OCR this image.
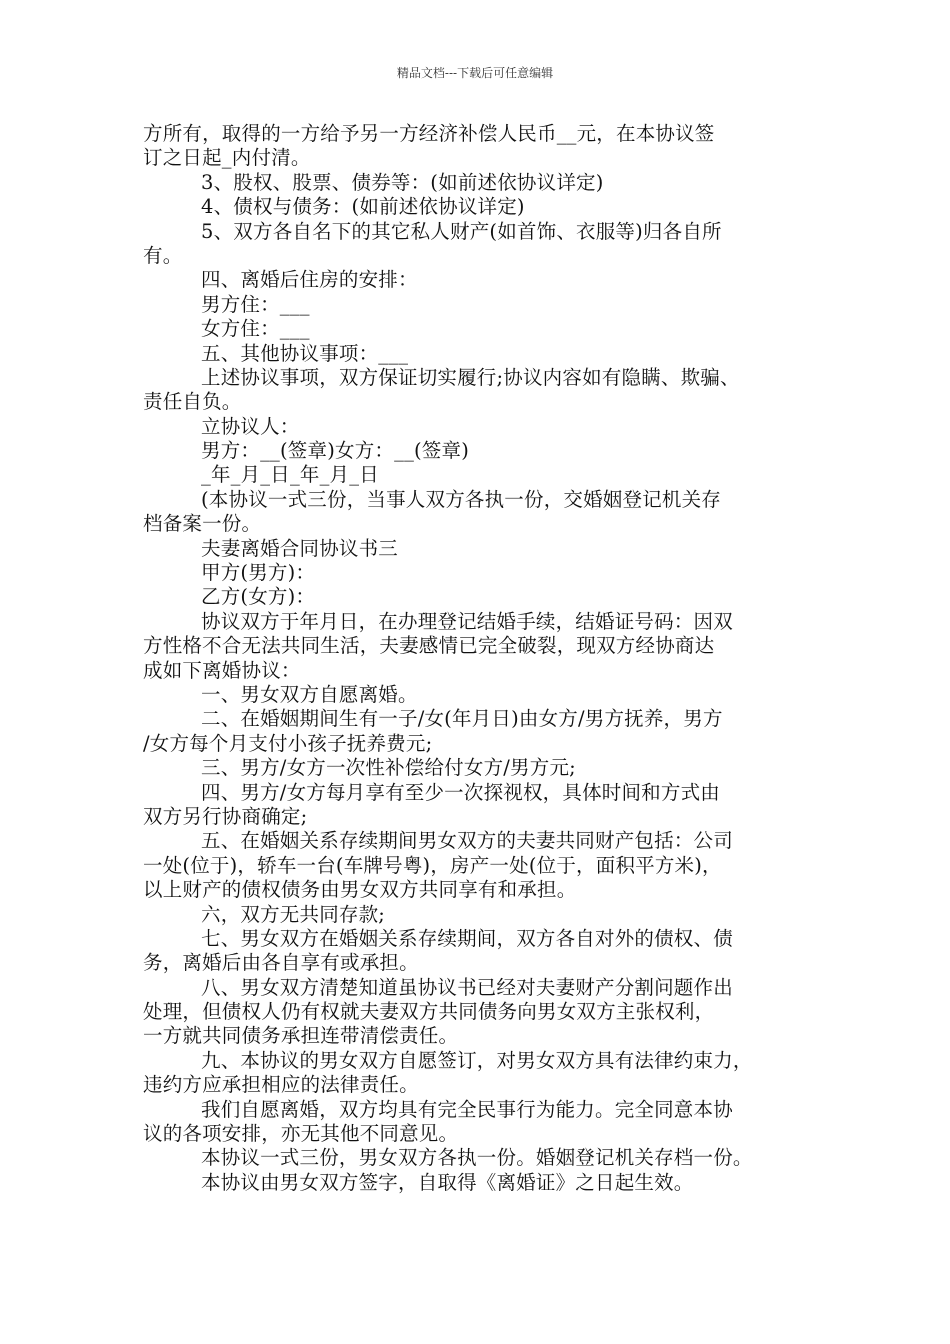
精品文档---下载后可任意编辑
方所有，取得的一方给予另一方经济补偿人民币__元，在本协议签
订之日起_内付清。
3、股权、股票、债券等：(如前述依协议详定)
4、债权与债务：(如前述依协议详定)
5、双方各自名下的其它私人财产(如首饰、衣服等)归各自所
有。
四、离婚后住房的安排：
男方住：___
女方住：___
五、其他协议事项：___
上述协议事项，双方保证切实履行;协议内容如有隐瞒、欺骗、
责任自负。
立协议人：
男方：__(签章)女方：__(签章)
_年_月_日_年_月_日
(本协议一式三份，当事人双方各执一份，交婚姻登记机关存
档备案一份。
夫妻离婚合同协议书三
甲方(男方)：
乙方(女方)：
协议双方于年月日，在办理登记结婚手续，结婚证号码：因双
方性格不合无法共同生活，夫妻感情已完全破裂，现双方经协商达
成如下离婚协议：
一、男女双方自愿离婚。
二、在婚姻期间生有一子/女(年月日)由女方/男方抚养，男方
/女方每个月支付小孩子抚养费元;
三、男方/女方一次性补偿给付女方/男方元;
四、男方/女方每月享有至少一次探视权，具体时间和方式由
双方另行协商确定;
五、在婚姻关系存续期间男女双方的夫妻共同财产包括：公司
一处(位于)，轿车一台(车牌号粤)，房产一处(位于，面积平方米)，
以上财产的债权债务由男女双方共同享有和承担。
六，双方无共同存款;
七、男女双方在婚姻关系存续期间，双方各自对外的债权、债
务，离婚后由各自享有或承担。
八、男女双方清楚知道虽协议书已经对夫妻财产分割问题作出
处理，但债权人仍有权就夫妻双方共同债务向男女双方主张权利，
一方就共同债务承担连带清偿责任。
九、本协议的男女双方自愿签订，对男女双方具有法律约束力，
违约方应承担相应的法律责任。
我们自愿离婚，双方均具有完全民事行为能力。完全同意本协
议的各项安排，亦无其他不同意见。
本协议一式三份，男女双方各执一份。婚姻登记机关存档一份。
本协议由男女双方签字，自取得《离婚证》之日起生效。
